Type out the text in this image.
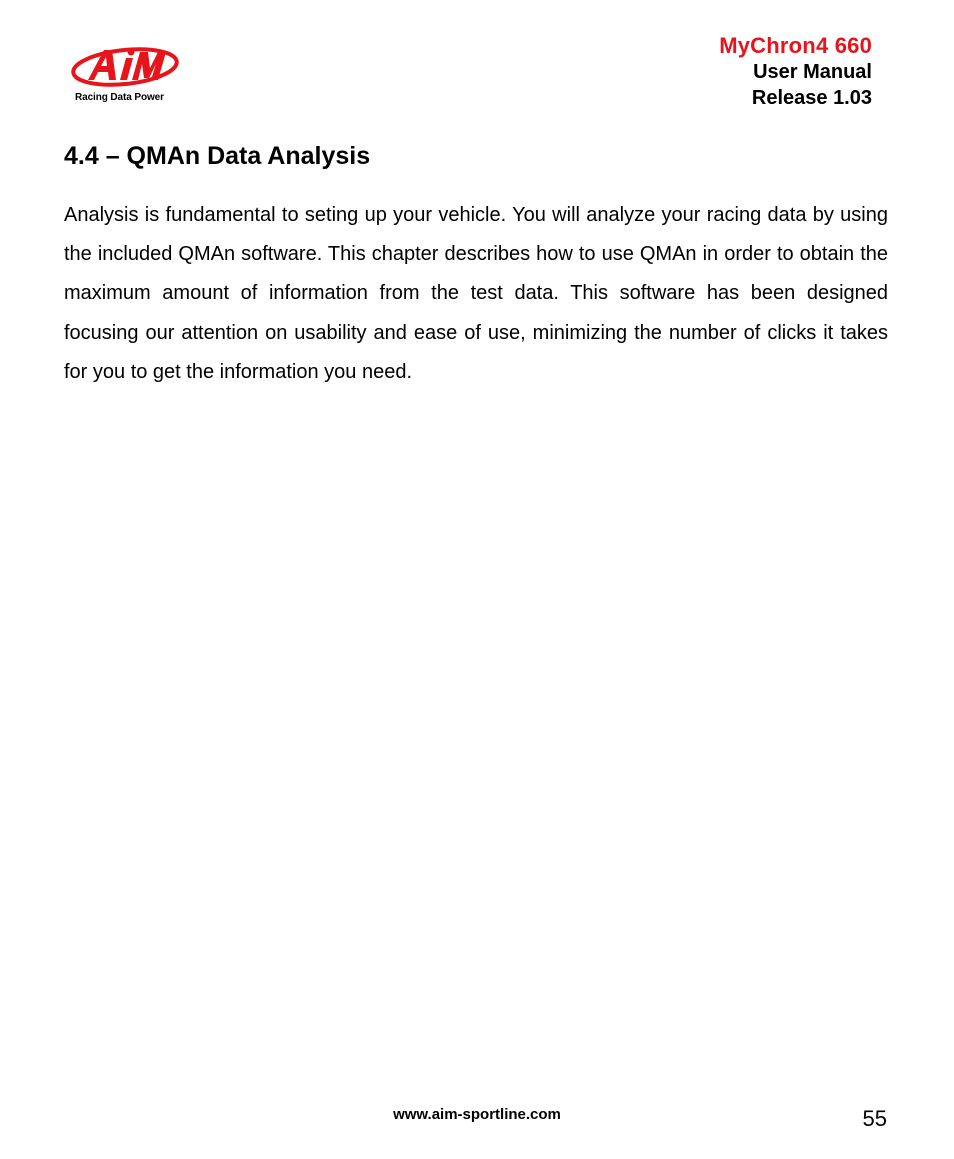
Racing Data Power
MyChron4 660
User Manual
Release 1.03
4.4 – QMAn Data Analysis

Analysis is fundamental to seting up your vehicle. You will analyze your racing data by using the included QMAn software. This chapter describes how to use QMAn in order to obtain the maximum amount of information from the test data. This software has been designed focusing our attention on usability and ease of use, minimizing the number of clicks it takes for you to get the information you need.

www.aim-sportline.com	55
